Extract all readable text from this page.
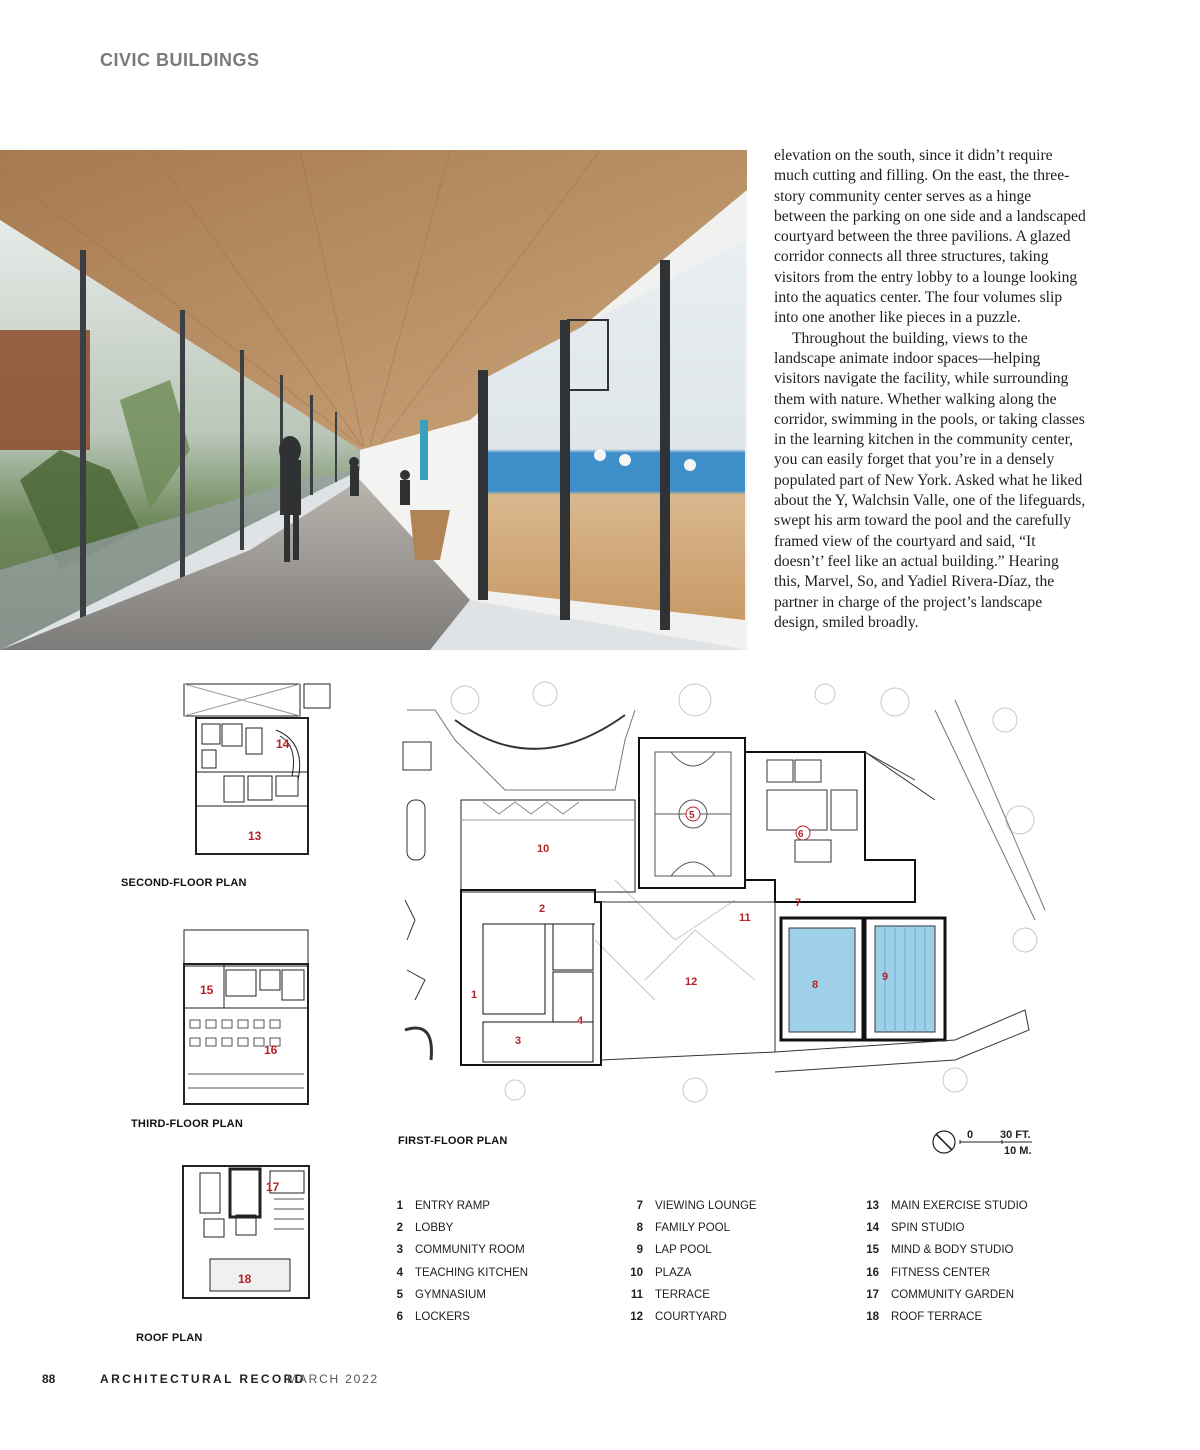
CIVIC BUILDINGS

elevation on the south, since it didn’t require much cutting and filling. On the east, the three-story community center serves as a hinge between the parking on one side and a landscaped courtyard between the three pavilions. A glazed corridor connects all three structures, taking visitors from the entry lobby to a lounge looking into the aquatics center. The four volumes slip into one another like pieces in a puzzle.

Throughout the building, views to the landscape animate indoor spaces—helping visitors navigate the facility, while surrounding them with nature. Whether walking along the corridor, swimming in the pools, or taking classes in the learning kitchen in the community center, you can easily forget that you’re in a densely populated part of New York. Asked what he liked about the Y, Walchsin Valle, one of the lifeguards, swept his arm toward the pool and the carefully framed view of the courtyard and said, “It doesn’t’ feel like an actual building.” Hearing this, Marvel, So, and Yadiel Rivera-Díaz, the partner in charge of the project’s landscape design, smiled broadly.

14
13
SECOND-FLOOR PLAN
15
16
THIRD-FLOOR PLAN
17
18
ROOF PLAN
5
6
1
2
3
4
7
8
9
10
11
12
FIRST-FLOOR PLAN	0 30 FT.
10 M.
1 ENTRY RAMP
2 LOBBY
3 COMMUNITY ROOM
4 TEACHING KITCHEN
5 GYMNASIUM
6 LOCKERS
7 VIEWING LOUNGE
8 FAMILY POOL
9 LAP POOL
10 PLAZA
11 TERRACE
12 COURTYARD
13 MAIN EXERCISE STUDIO
14 SPIN STUDIO
15 MIND & BODY STUDIO
16 FITNESS CENTER
17 COMMUNITY GARDEN
18 ROOF TERRACE
88	ARCHITECTURAL RECORD
MARCH 2022
